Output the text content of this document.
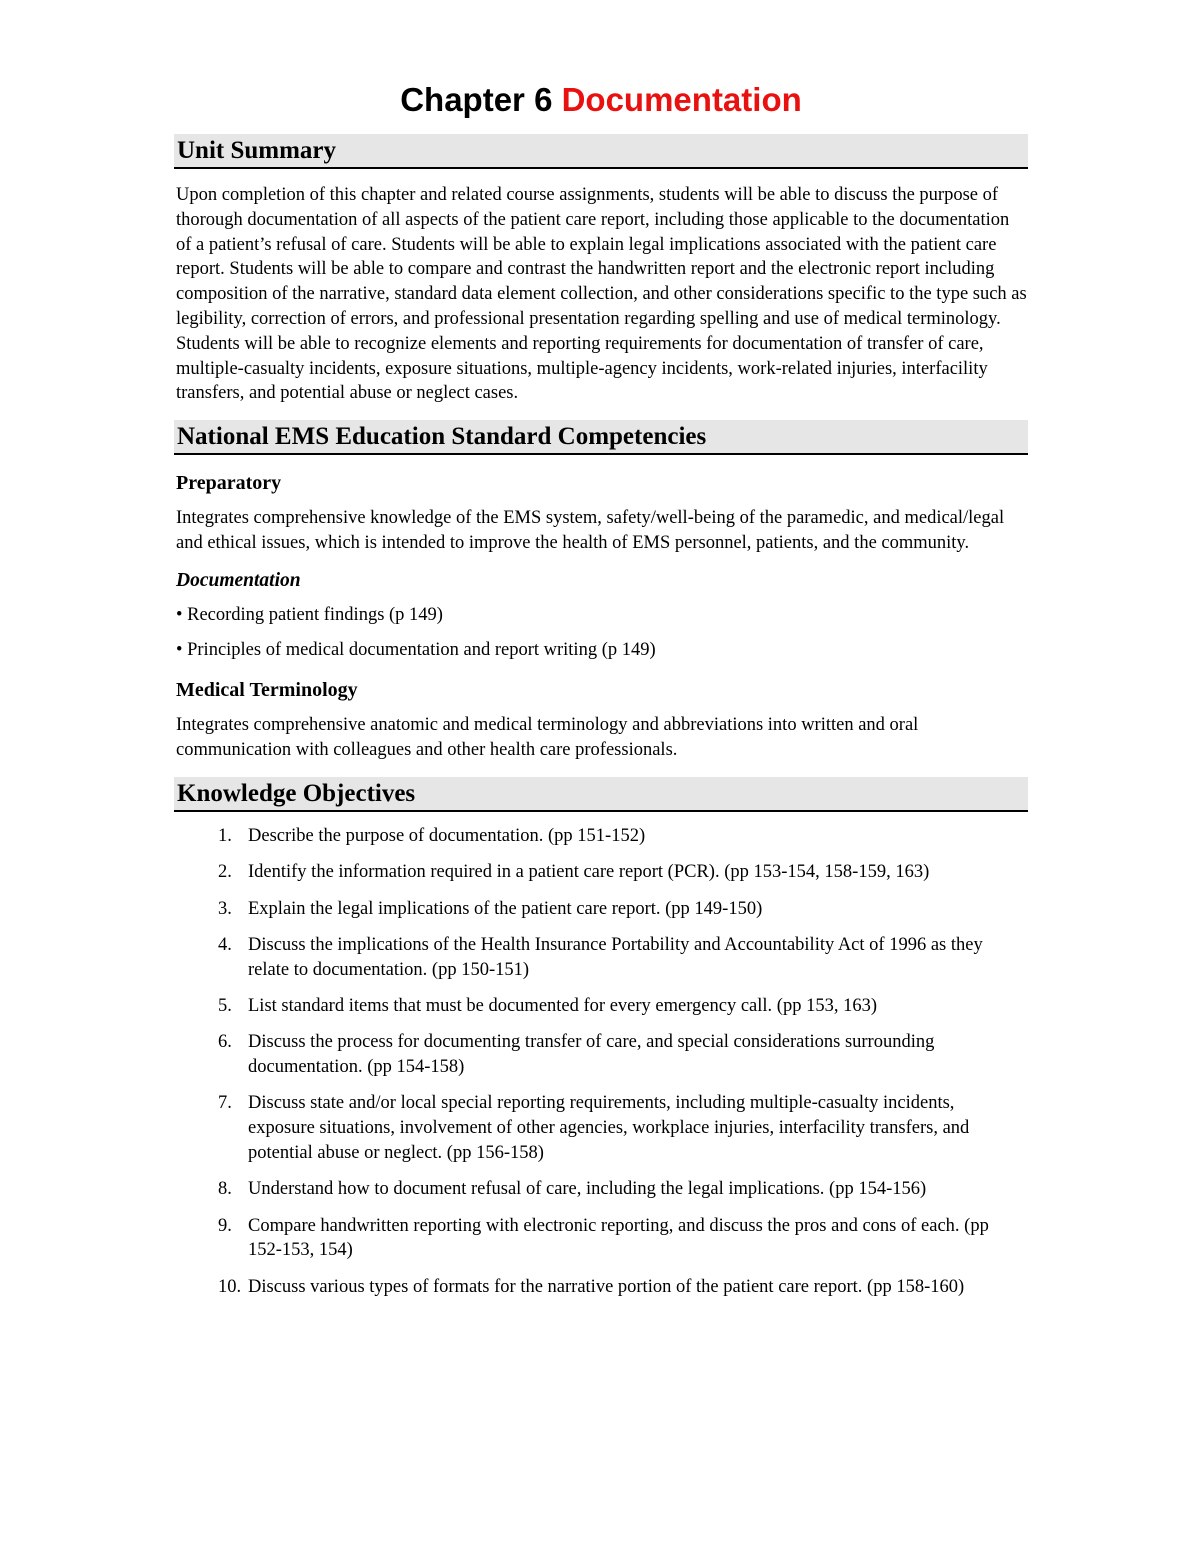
Chapter 6 Documentation
Unit Summary

Upon completion of this chapter and related course assignments, students will be able to discuss the purpose of thorough documentation of all aspects of the patient care report, including those applicable to the documentation of a patient’s refusal of care. Students will be able to explain legal implications associated with the patient care report. Students will be able to compare and contrast the handwritten report and the electronic report including composition of the narrative, standard data element collection, and other considerations specific to the type such as legibility, correction of errors, and professional presentation regarding spelling and use of medical terminology. Students will be able to recognize elements and reporting requirements for documentation of transfer of care, multiple-casualty incidents, exposure situations, multiple-agency incidents, work-related injuries, interfacility transfers, and potential abuse or neglect cases.

National EMS Education Standard Competencies
Preparatory

Integrates comprehensive knowledge of the EMS system, safety/well-being of the paramedic, and medical/legal and ethical issues, which is intended to improve the health of EMS personnel, patients, and the community.

Documentation

• Recording patient findings (p 149)

• Principles of medical documentation and report writing (p 149)

Medical Terminology

Integrates comprehensive anatomic and medical terminology and abbreviations into written and oral communication with colleagues and other health care professionals.

Knowledge Objectives
1. Describe the purpose of documentation. (pp 151-152)
2. Identify the information required in a patient care report (PCR). (pp 153-154, 158-159, 163)
3. Explain the legal implications of the patient care report. (pp 149-150)
4. Discuss the implications of the Health Insurance Portability and Accountability Act of 1996 as they relate to documentation. (pp 150-151)
5. List standard items that must be documented for every emergency call. (pp 153, 163)
6. Discuss the process for documenting transfer of care, and special considerations surrounding documentation. (pp 154-158)
7. Discuss state and/or local special reporting requirements, including multiple-casualty incidents, exposure situations, involvement of other agencies, workplace injuries, interfacility transfers, and potential abuse or neglect. (pp 156-158)
8. Understand how to document refusal of care, including the legal implications. (pp 154-156)
9. Compare handwritten reporting with electronic reporting, and discuss the pros and cons of each. (pp 152-153, 154)
10. Discuss various types of formats for the narrative portion of the patient care report. (pp 158-160)
